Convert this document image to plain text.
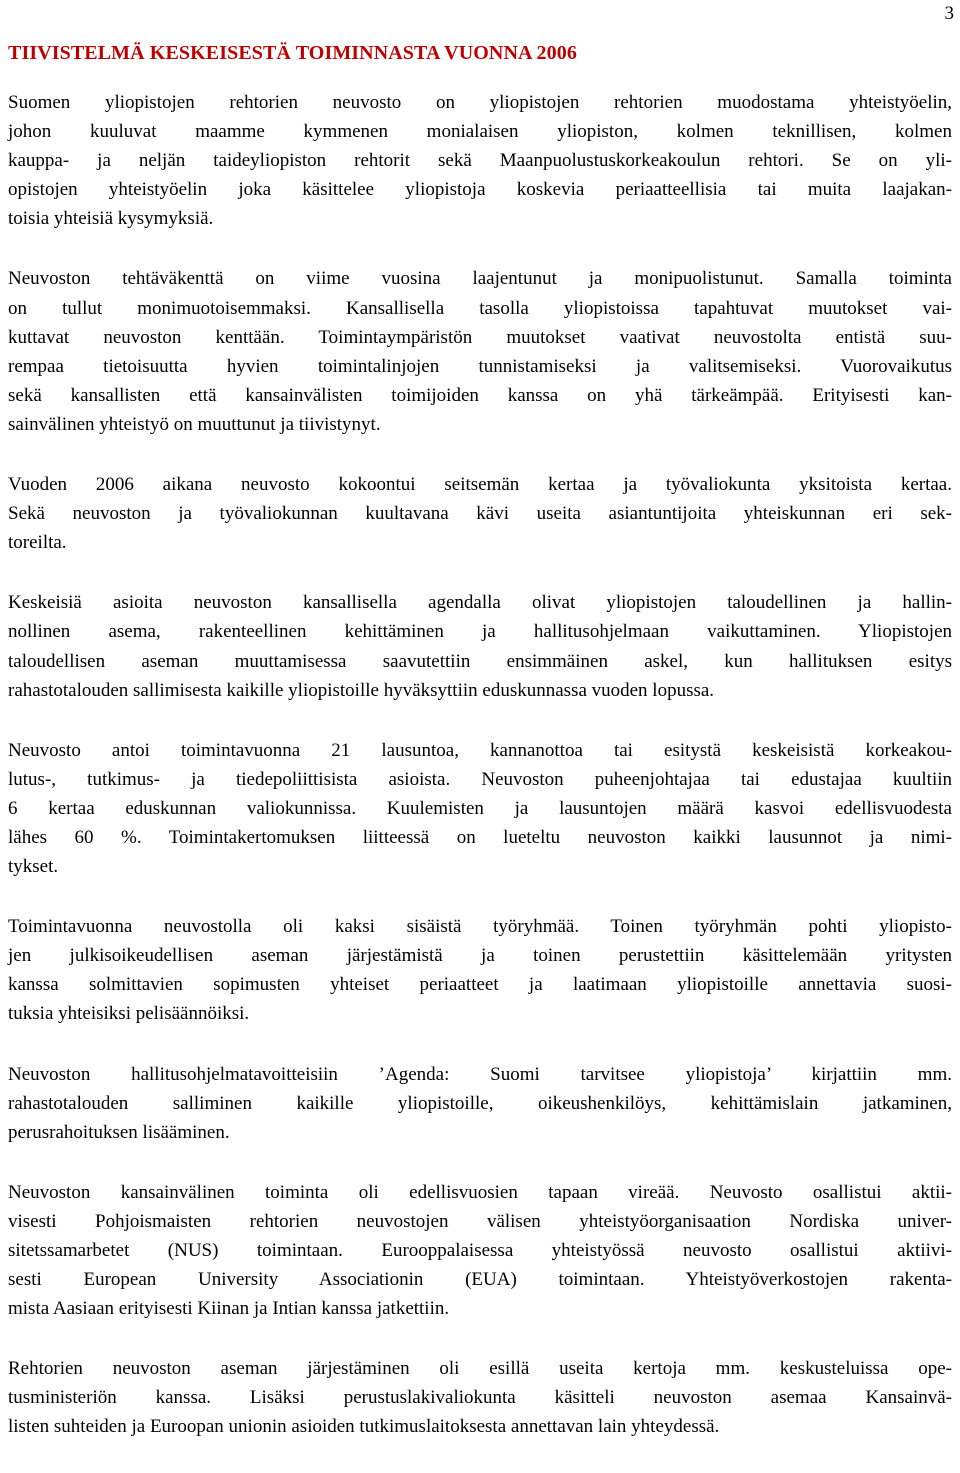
3
TIIVISTELMÄ KESKEISESTÄ TOIMINNASTA VUONNA 2006

Suomen yliopistojen rehtorien neuvosto on yliopistojen rehtorien muodostama yhteistyöelin,
johon kuuluvat maamme kymmenen monialaisen yliopiston, kolmen teknillisen, kolmen
kauppa- ja neljän taideyliopiston rehtorit sekä Maanpuolustuskorkeakoulun rehtori. Se on yli-
opistojen yhteistyöelin joka käsittelee yliopistoja koskevia periaatteellisia tai muita laajakan-
toisia yhteisiä kysymyksiä.

Neuvoston tehtäväkenttä on viime vuosina laajentunut ja monipuolistunut. Samalla toiminta
on tullut monimuotoisemmaksi. Kansallisella tasolla yliopistoissa tapahtuvat muutokset vai-
kuttavat neuvoston kenttään. Toimintaympäristön muutokset vaativat neuvostolta entistä suu-
rempaa tietoisuutta hyvien toimintalinjojen tunnistamiseksi ja valitsemiseksi. Vuorovaikutus
sekä kansallisten että kansainvälisten toimijoiden kanssa on yhä tärkeämpää. Erityisesti kan-
sainvälinen yhteistyö on muuttunut ja tiivistynyt.

Vuoden 2006 aikana neuvosto kokoontui seitsemän kertaa ja työvaliokunta yksitoista kertaa.
Sekä neuvoston ja työvaliokunnan kuultavana kävi useita asiantuntijoita yhteiskunnan eri sek-
toreilta.

Keskeisiä asioita neuvoston kansallisella agendalla olivat yliopistojen taloudellinen ja hallin-
nollinen asema, rakenteellinen kehittäminen ja hallitusohjelmaan vaikuttaminen. Yliopistojen
taloudellisen aseman muuttamisessa saavutettiin ensimmäinen askel, kun hallituksen esitys
rahastotalouden sallimisesta kaikille yliopistoille hyväksyttiin eduskunnassa vuoden lopussa.

Neuvosto antoi toimintavuonna 21 lausuntoa, kannanottoa tai esitystä keskeisistä korkeakou-
lutus-, tutkimus- ja tiedepoliittisista asioista. Neuvoston puheenjohtajaa tai edustajaa kuultiin
6 kertaa eduskunnan valiokunnissa. Kuulemisten ja lausuntojen määrä kasvoi edellisvuodesta
lähes 60 %. Toimintakertomuksen liitteessä on lueteltu neuvoston kaikki lausunnot ja nimi-
tykset.

Toimintavuonna neuvostolla oli kaksi sisäistä työryhmää. Toinen työryhmän pohti yliopisto-
jen julkisoikeudellisen aseman järjestämistä ja toinen perustettiin käsittelemään yritysten
kanssa solmittavien sopimusten yhteiset periaatteet ja laatimaan yliopistoille annettavia suosi-
tuksia yhteisiksi pelisäännöiksi.

Neuvoston hallitusohjelmatavoitteisiin ’Agenda: Suomi tarvitsee yliopistoja’ kirjattiin mm.
rahastotalouden salliminen kaikille yliopistoille, oikeushenkilöys, kehittämislain jatkaminen,
perusrahoituksen lisääminen.

Neuvoston kansainvälinen toiminta oli edellisvuosien tapaan vireää. Neuvosto osallistui aktii-
visesti Pohjoismaisten rehtorien neuvostojen välisen yhteistyöorganisaation Nordiska univer-
sitetssamarbetet (NUS) toimintaan. Eurooppalaisessa yhteistyössä neuvosto osallistui aktiivi-
sesti European University Associationin (EUA) toimintaan. Yhteistyöverkostojen rakenta-
mista Aasiaan erityisesti Kiinan ja Intian kanssa jatkettiin.

Rehtorien neuvoston aseman järjestäminen oli esillä useita kertoja mm. keskusteluissa ope-
tusministeriön kanssa. Lisäksi perustuslakivaliokunta käsitteli neuvoston asemaa Kansainvä-
listen suhteiden ja Euroopan unionin asioiden tutkimuslaitoksesta annettavan lain yhteydessä.
